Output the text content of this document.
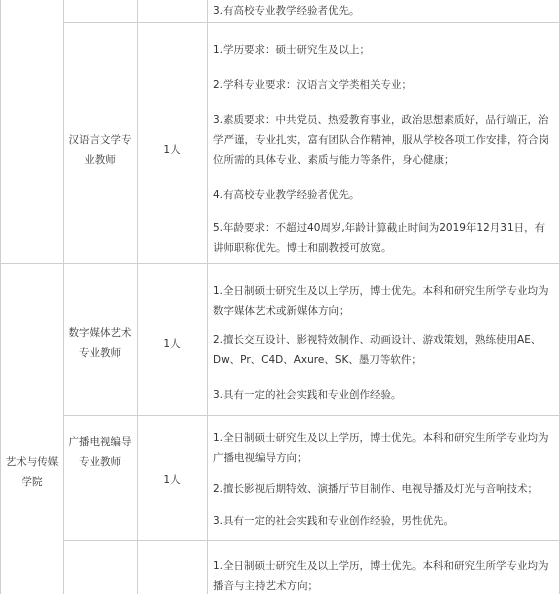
3.有高校专业教学经验者优先。

汉语言文学专业教师
1人

1.学历要求：硕士研究生及以上；

2.学科专业要求：汉语言文学类相关专业；

3.素质要求：中共党员、热爱教育事业，政治思想素质好，品行端正，治学严谨，专业扎实，富有团队合作精神，服从学校各项工作安排，符合岗位所需的具体专业、素质与能力等条件，身心健康；

4.有高校专业教学经验者优先。

5.年龄要求：不超过40周岁,年龄计算截止时间为2019年12月31日，有讲师职称优先。博士和副教授可放宽。

艺术与传媒学院
数字媒体艺术专业教师
1人

1.全日制硕士研究生及以上学历，博士优先。本科和研究生所学专业均为数字媒体艺术或新媒体方向；

2.擅长交互设计、影视特效制作、动画设计、游戏策划，熟练使用AE、Dw、Pr、C4D、Axure、SK、墨刀等软件；

3.具有一定的社会实践和专业创作经验。

广播电视编导专业教师
1人

1.全日制硕士研究生及以上学历，博士优先。本科和研究生所学专业均为广播电视编导方向；

2.擅长影视后期特效、演播厅节目制作、电视导播及灯光与音响技术；

3.具有一定的社会实践和专业创作经验，男性优先。

1.全日制硕士研究生及以上学历，博士优先。本科和研究生所学专业均为播音与主持艺术方向；
